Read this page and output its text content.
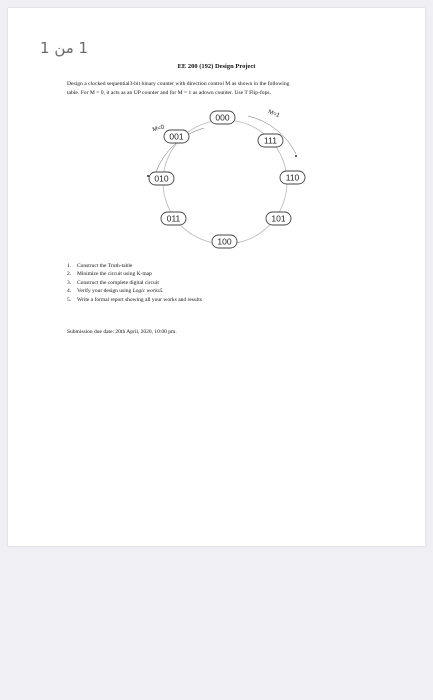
1 من 1
EE 200 (192) Design Project

Design a clocked sequential3-bit binary counter with direction control M as shown in the following

table. For M = 0, it acts as an UP counter and for M = 1 as adown counter. Use T Flip-fops.

M=0
M=1
000
001	111
010	110
011	101
100
1. Construct the Truth-table
2. Minimize the circuit using K-map
3. Construct the complete digital circuit
4. Verify your design using Logic works5.
5. Write a formal report showing all your works and results
Submission due date: 20th April, 2020, 10:00 pm.
